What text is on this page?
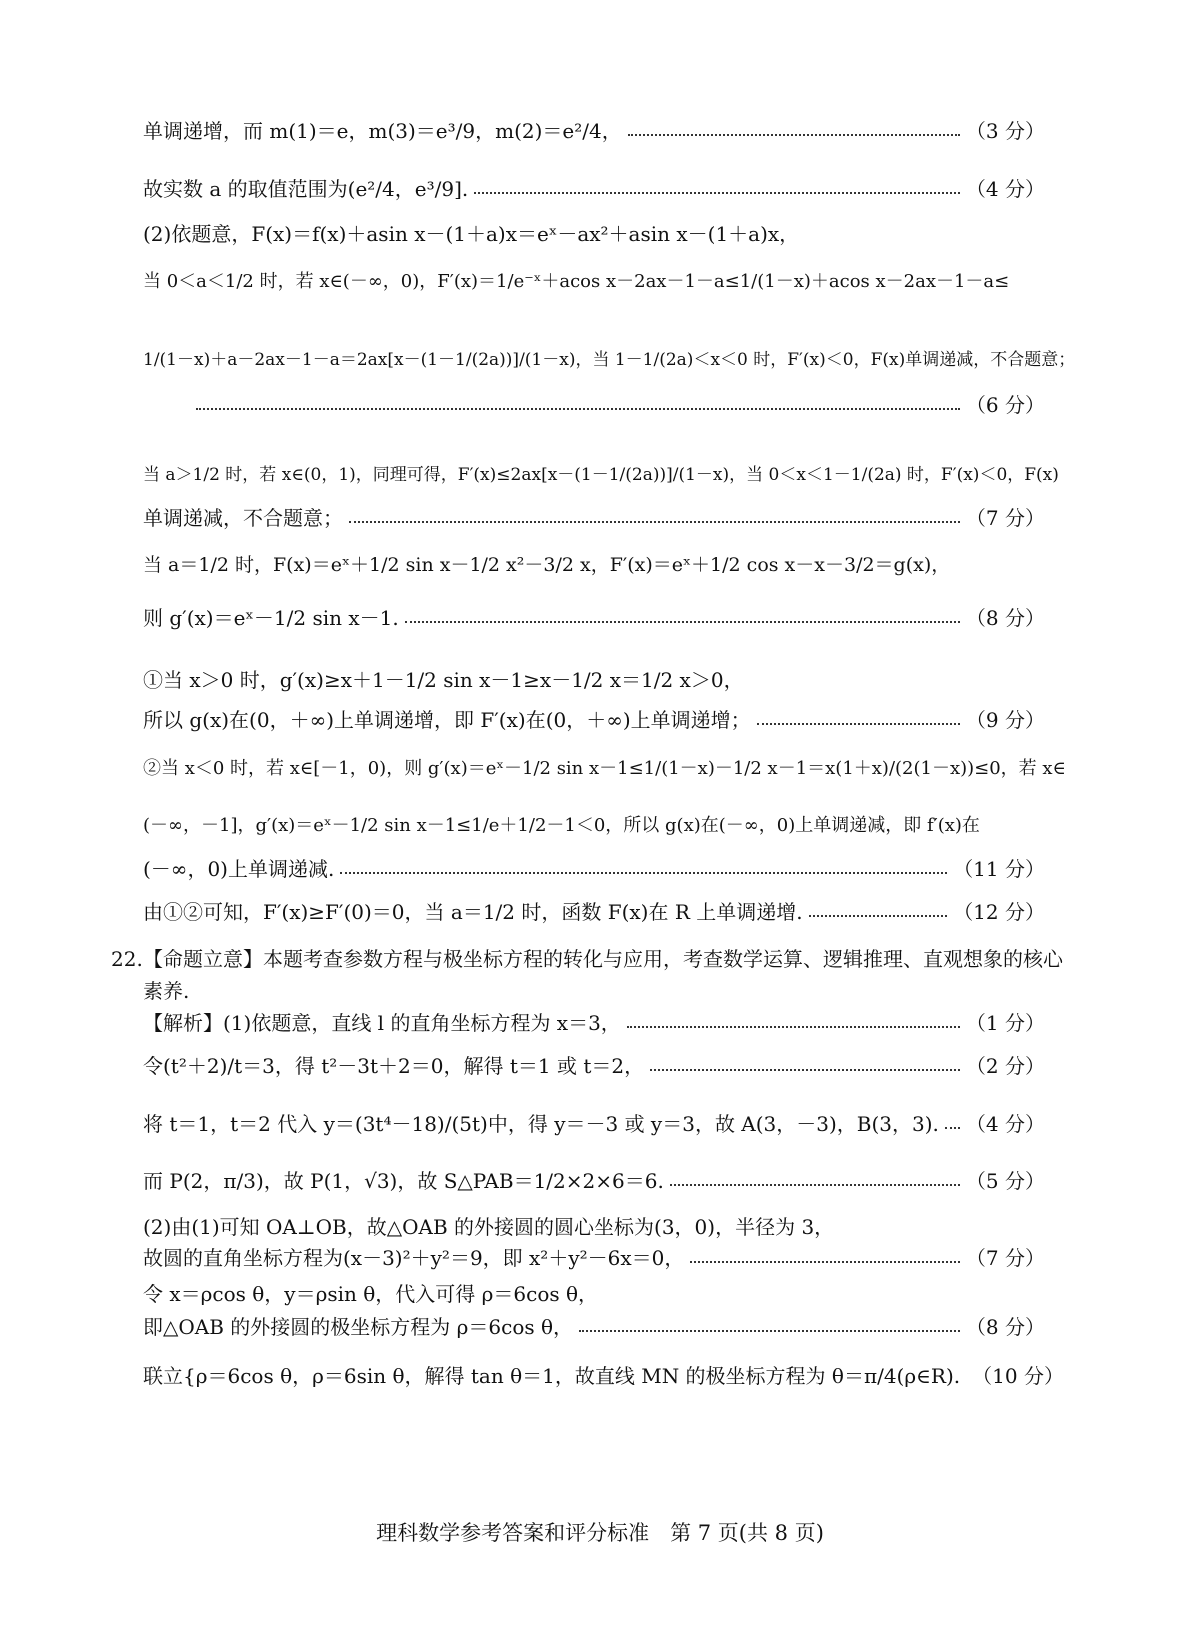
单调递增，而 m(1)＝e，m(3)＝e³/9，m(2)＝e²/4，	（3 分）
故实数 a 的取值范围为(e²/4，e³/9].	（4 分）
(2)依题意，F(x)＝f(x)＋asin x－(1＋a)x＝eˣ－ax²＋asin x－(1＋a)x，
当 0＜a＜1/2 时，若 x∈(－∞，0)，F′(x)＝1/e⁻ˣ＋acos x－2ax－1－a≤1/(1－x)＋acos x－2ax－1－a≤
1/(1－x)＋a－2ax－1－a＝2ax[x－(1－1/(2a))]/(1－x)，当 1－1/(2a)＜x＜0 时，F′(x)＜0，F(x)单调递减，不合题意；
（6 分）
当 a＞1/2 时，若 x∈(0，1)，同理可得，F′(x)≤2ax[x－(1－1/(2a))]/(1－x)，当 0＜x＜1－1/(2a) 时，F′(x)＜0，F(x)
单调递减，不合题意；	（7 分）
当 a＝1/2 时，F(x)＝eˣ＋1/2 sin x－1/2 x²－3/2 x，F′(x)＝eˣ＋1/2 cos x－x－3/2＝g(x)，
则 g′(x)＝eˣ－1/2 sin x－1.	（8 分）
①当 x＞0 时，g′(x)≥x＋1－1/2 sin x－1≥x－1/2 x＝1/2 x＞0，
所以 g(x)在(0，＋∞)上单调递增，即 F′(x)在(0，＋∞)上单调递增；	（9 分）
②当 x＜0 时，若 x∈[－1，0)，则 g′(x)＝eˣ－1/2 sin x－1≤1/(1－x)－1/2 x－1＝x(1＋x)/(2(1－x))≤0，若 x∈
(－∞，－1]，g′(x)＝eˣ－1/2 sin x－1≤1/e＋1/2－1＜0，所以 g(x)在(－∞，0)上单调递减，即 f′(x)在
(－∞，0)上单调递减.	（11 分）
由①②可知，F′(x)≥F′(0)＝0，当 a＝1/2 时，函数 F(x)在 R 上单调递增.	（12 分）
22. 【命题立意】本题考查参数方程与极坐标方程的转化与应用，考查数学运算、逻辑推理、直观想象的核心
素养.
【解析】(1)依题意，直线 l 的直角坐标方程为 x＝3，	（1 分）
令(t²＋2)/t＝3，得 t²－3t＋2＝0，解得 t＝1 或 t＝2，	（2 分）
将 t＝1，t＝2 代入 y＝(3t⁴－18)/(5t)中，得 y＝－3 或 y＝3，故 A(3，－3)，B(3，3). （4 分）
而 P(2，π/3)，故 P(1，√3)，故 S△PAB＝1/2×2×6＝6.	（5 分）
(2)由(1)可知 OA⊥OB，故△OAB 的外接圆的圆心坐标为(3，0)，半径为 3，
故圆的直角坐标方程为(x－3)²＋y²＝9，即 x²＋y²－6x＝0，	（7 分）
令 x＝ρcos θ，y＝ρsin θ，代入可得 ρ＝6cos θ，
即△OAB 的外接圆的极坐标方程为 ρ＝6cos θ，	（8 分）
联立{ρ＝6cos θ，ρ＝6sin θ，解得 tan θ＝1，故直线 MN 的极坐标方程为 θ＝π/4(ρ∈R). （10 分）
理科数学参考答案和评分标准　第 7 页(共 8 页)
